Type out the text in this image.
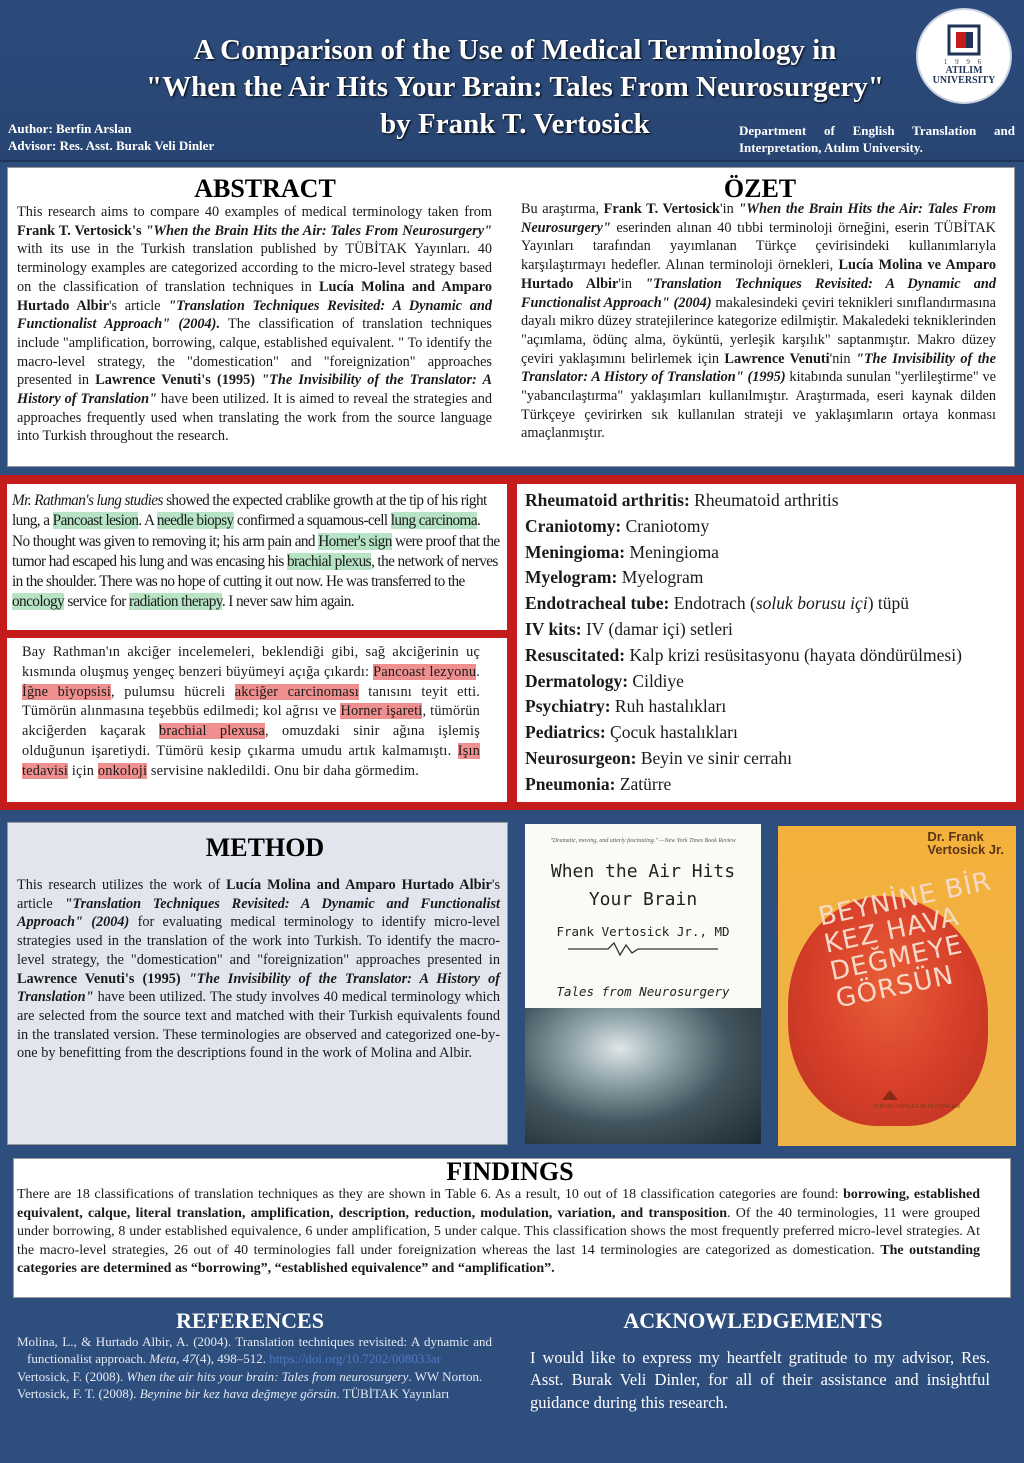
A Comparison of the Use of Medical Terminology in
"When the Air Hits Your Brain: Tales From Neurosurgery"
by Frank T. Vertosick
Author: Berfin Arslan
Advisor: Res. Asst. Burak Veli Dinler
Department of English Translation and Interpretation, Atılım University.
1 9 9 6
ATILIM
UNIVERSITY
ABSTRACT
This research aims to compare 40 examples of medical terminology taken from Frank T. Vertosick's "When the Brain Hits the Air: Tales From Neurosurgery" with its use in the Turkish translation published by TÜBİTAK Yayınları. 40 terminology examples are categorized according to the micro-level strategy based on the classification of translation techniques in Lucía Molina and Amparo Hurtado Albir's article "Translation Techniques Revisited: A Dynamic and Functionalist Approach" (2004). The classification of translation techniques include "amplification, borrowing, calque, established equivalent. " To identify the macro-level strategy, the "domestication" and "foreignization" approaches presented in Lawrence Venuti's (1995) "The Invisibility of the Translator: A History of Translation" have been utilized. It is aimed to reveal the strategies and approaches frequently used when translating the work from the source language into Turkish throughout the research.
ÖZET
Bu araştırma, Frank T. Vertosick'in "When the Brain Hits the Air: Tales From Neurosurgery" eserinden alınan 40 tıbbi terminoloji örneğini, eserin TÜBİTAK Yayınları tarafından yayımlanan Türkçe çevirisindeki kullanımlarıyla karşılaştırmayı hedefler. Alınan terminoloji örnekleri, Lucía Molina ve Amparo Hurtado Albir'in "Translation Techniques Revisited: A Dynamic and Functionalist Approach" (2004) makalesindeki çeviri teknikleri sınıflandırmasına dayalı mikro düzey stratejilerince kategorize edilmiştir. Makaledeki tekniklerinden "açımlama, ödünç alma, öyküntü, yerleşik karşılık" saptanmıştır. Makro düzey çeviri yaklaşımını belirlemek için Lawrence Venuti'nin "The Invisibility of the Translator: A History of Translation" (1995) kitabında sunulan "yerlileştirme" ve "yabancılaştırma" yaklaşımları kullanılmıştır. Araştırmada, eseri kaynak dilden Türkçeye çevirirken sık kullanılan strateji ve yaklaşımların ortaya konması amaçlanmıştır.
Mr. Rathman's lung studies showed the expected crablike growth at the tip of his right lung, a Pancoast lesion. A needle biopsy confirmed a squamous-cell lung carcinoma. No thought was given to removing it; his arm pain and Horner's sign were proof that the tumor had escaped his lung and was encasing his brachial plexus, the network of nerves in the shoulder. There was no hope of cutting it out now. He was transferred to the oncology service for radiation therapy. I never saw him again.
Bay Rathman'ın akciğer incelemeleri, beklendiği gibi, sağ akciğerinin uç kısmında oluşmuş yengeç benzeri büyümeyi açığa çıkardı: Pancoast lezyonu. İğne biyopsisi, pulumsu hücreli akciğer carcinoması tanısını teyit etti. Tümörün alınmasına teşebbüs edilmedi; kol ağrısı ve Horner işareti, tümörün akciğerden kaçarak brachial plexusa, omuzdaki sinir ağına işlemiş olduğunun işaretiydi. Tümörü kesip çıkarma umudu artık kalmamıştı. Işın tedavisi için onkoloji servisine nakledildi. Onu bir daha görmedim.
Rheumatoid arthritis: Rheumatoid arthritis
Craniotomy: Craniotomy
Meningioma: Meningioma
Myelogram: Myelogram
Endotracheal tube: Endotrach (soluk borusu içi) tüpü
IV kits: IV (damar içi) setleri
Resuscitated: Kalp krizi resüsitasyonu (hayata döndürülmesi)
Dermatology: Cildiye
Psychiatry: Ruh hastalıkları
Pediatrics: Çocuk hastalıkları
Neurosurgeon: Beyin ve sinir cerrahı
Pneumonia: Zatürre
METHOD
This research utilizes the work of Lucía Molina and Amparo Hurtado Albir's article "Translation Techniques Revisited: A Dynamic and Functionalist Approach" (2004) for evaluating medical terminology to identify micro-level strategies used in the translation of the work into Turkish. To identify the macro-level strategy, the "domestication" and "foreignization" approaches presented in Lawrence Venuti's (1995) "The Invisibility of the Translator: A History of Translation" have been utilized. The study involves 40 medical terminology which are selected from the source text and matched with their Turkish equivalents found in the translated version. These terminologies are observed and categorized one-by-one by benefitting from the descriptions found in the work of Molina and Albir.
"Dramatic, moving, and utterly fascinating." —New York Times Book Review
When the Air Hits
Your Brain
Frank Vertosick Jr., MD
Tales from Neurosurgery
Dr. Frank
Vertosick Jr.
BEYNİNE BİR KEZ HAVA DEĞMEYE GÖRSÜN
TÜBİTAK POPÜLER BİLİM KİTAPLARI
FINDINGS
There are 18 classifications of translation techniques as they are shown in Table 6. As a result, 10 out of 18 classification categories are found: borrowing, established equivalent, calque, literal translation, amplification, description, reduction, modulation, variation, and transposition. Of the 40 terminologies, 11 were grouped under borrowing, 8 under established equivalence, 6 under amplification, 5 under calque. This classification shows the most frequently preferred micro-level strategies. At the macro-level strategies, 26 out of 40 terminologies fall under foreignization whereas the last 14 terminologies are categorized as domestication. The outstanding categories are determined as “borrowing”, “established equivalence” and “amplification”.
REFERENCES
Molina, L., & Hurtado Albir, A. (2004). Translation techniques revisited: A dynamic and functionalist approach. Meta, 47(4), 498–512. https://doi.org/10.7202/008033ar
Vertosick, F. (2008). When the air hits your brain: Tales from neurosurgery. WW Norton.
Vertosick, F. T. (2008). Beynine bir kez hava değmeye görsün. TÜBİTAK Yayınları
ACKNOWLEDGEMENTS
I would like to express my heartfelt gratitude to my advisor, Res. Asst. Burak Veli Dinler, for all of their assistance and insightful guidance during this research.
